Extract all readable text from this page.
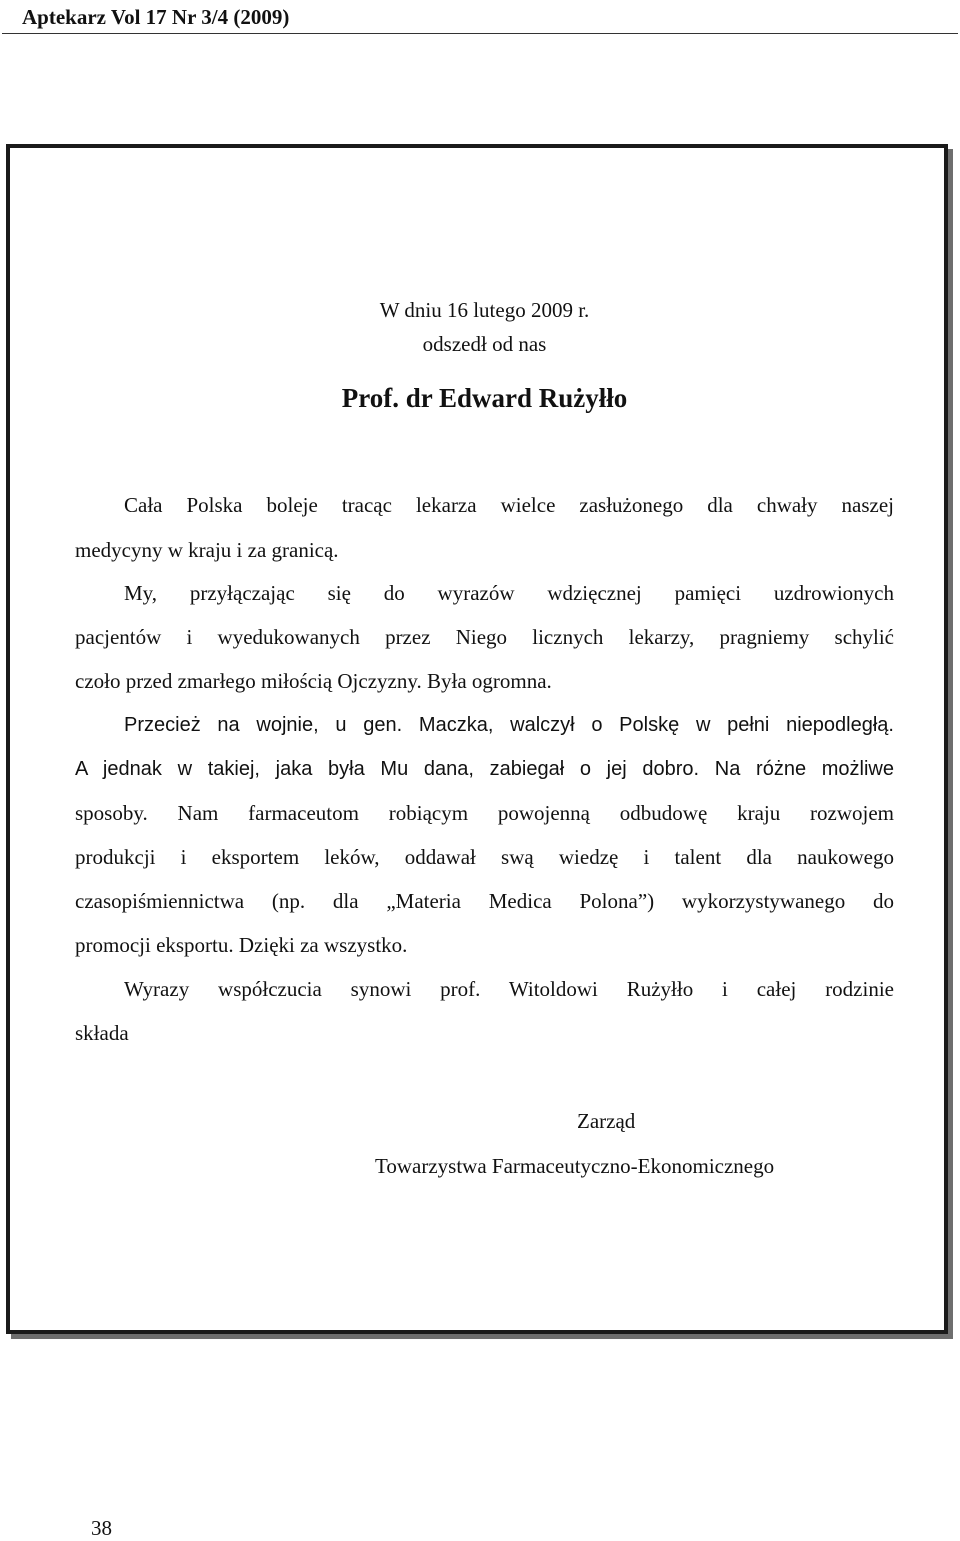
Aptekarz Vol 17 Nr 3/4 (2009)
W dniu 16 lutego 2009 r.
odszedł od nas
Prof. dr Edward Rużyłło

Cała Polska boleje tracąc lekarza wielce zasłużonego dla chwały naszej

medycyny w kraju i za granicą.

My, przyłączając się do wyrazów wdzięcznej pamięci uzdrowionych

pacjentów i wyedukowanych przez Niego licznych lekarzy, pragniemy schylić

czoło przed zmarłego miłością Ojczyzny. Była ogromna.

Przecież na wojnie, u gen. Maczka, walczył o Polskę w pełni niepodległą.

A jednak w takiej, jaka była Mu dana, zabiegał o jej dobro. Na różne możliwe

sposoby. Nam farmaceutom robiącym powojenną odbudowę kraju rozwojem

produkcji i eksportem leków, oddawał swą wiedzę i talent dla naukowego

czasopiśmiennictwa (np. dla „Materia Medica Polona”) wykorzystywanego do

promocji eksportu. Dzięki za wszystko.

Wyrazy współczucia synowi prof. Witoldowi Rużyłło i całej rodzinie

składa

Zarząd
Towarzystwa Farmaceutyczno-Ekonomicznego
38
